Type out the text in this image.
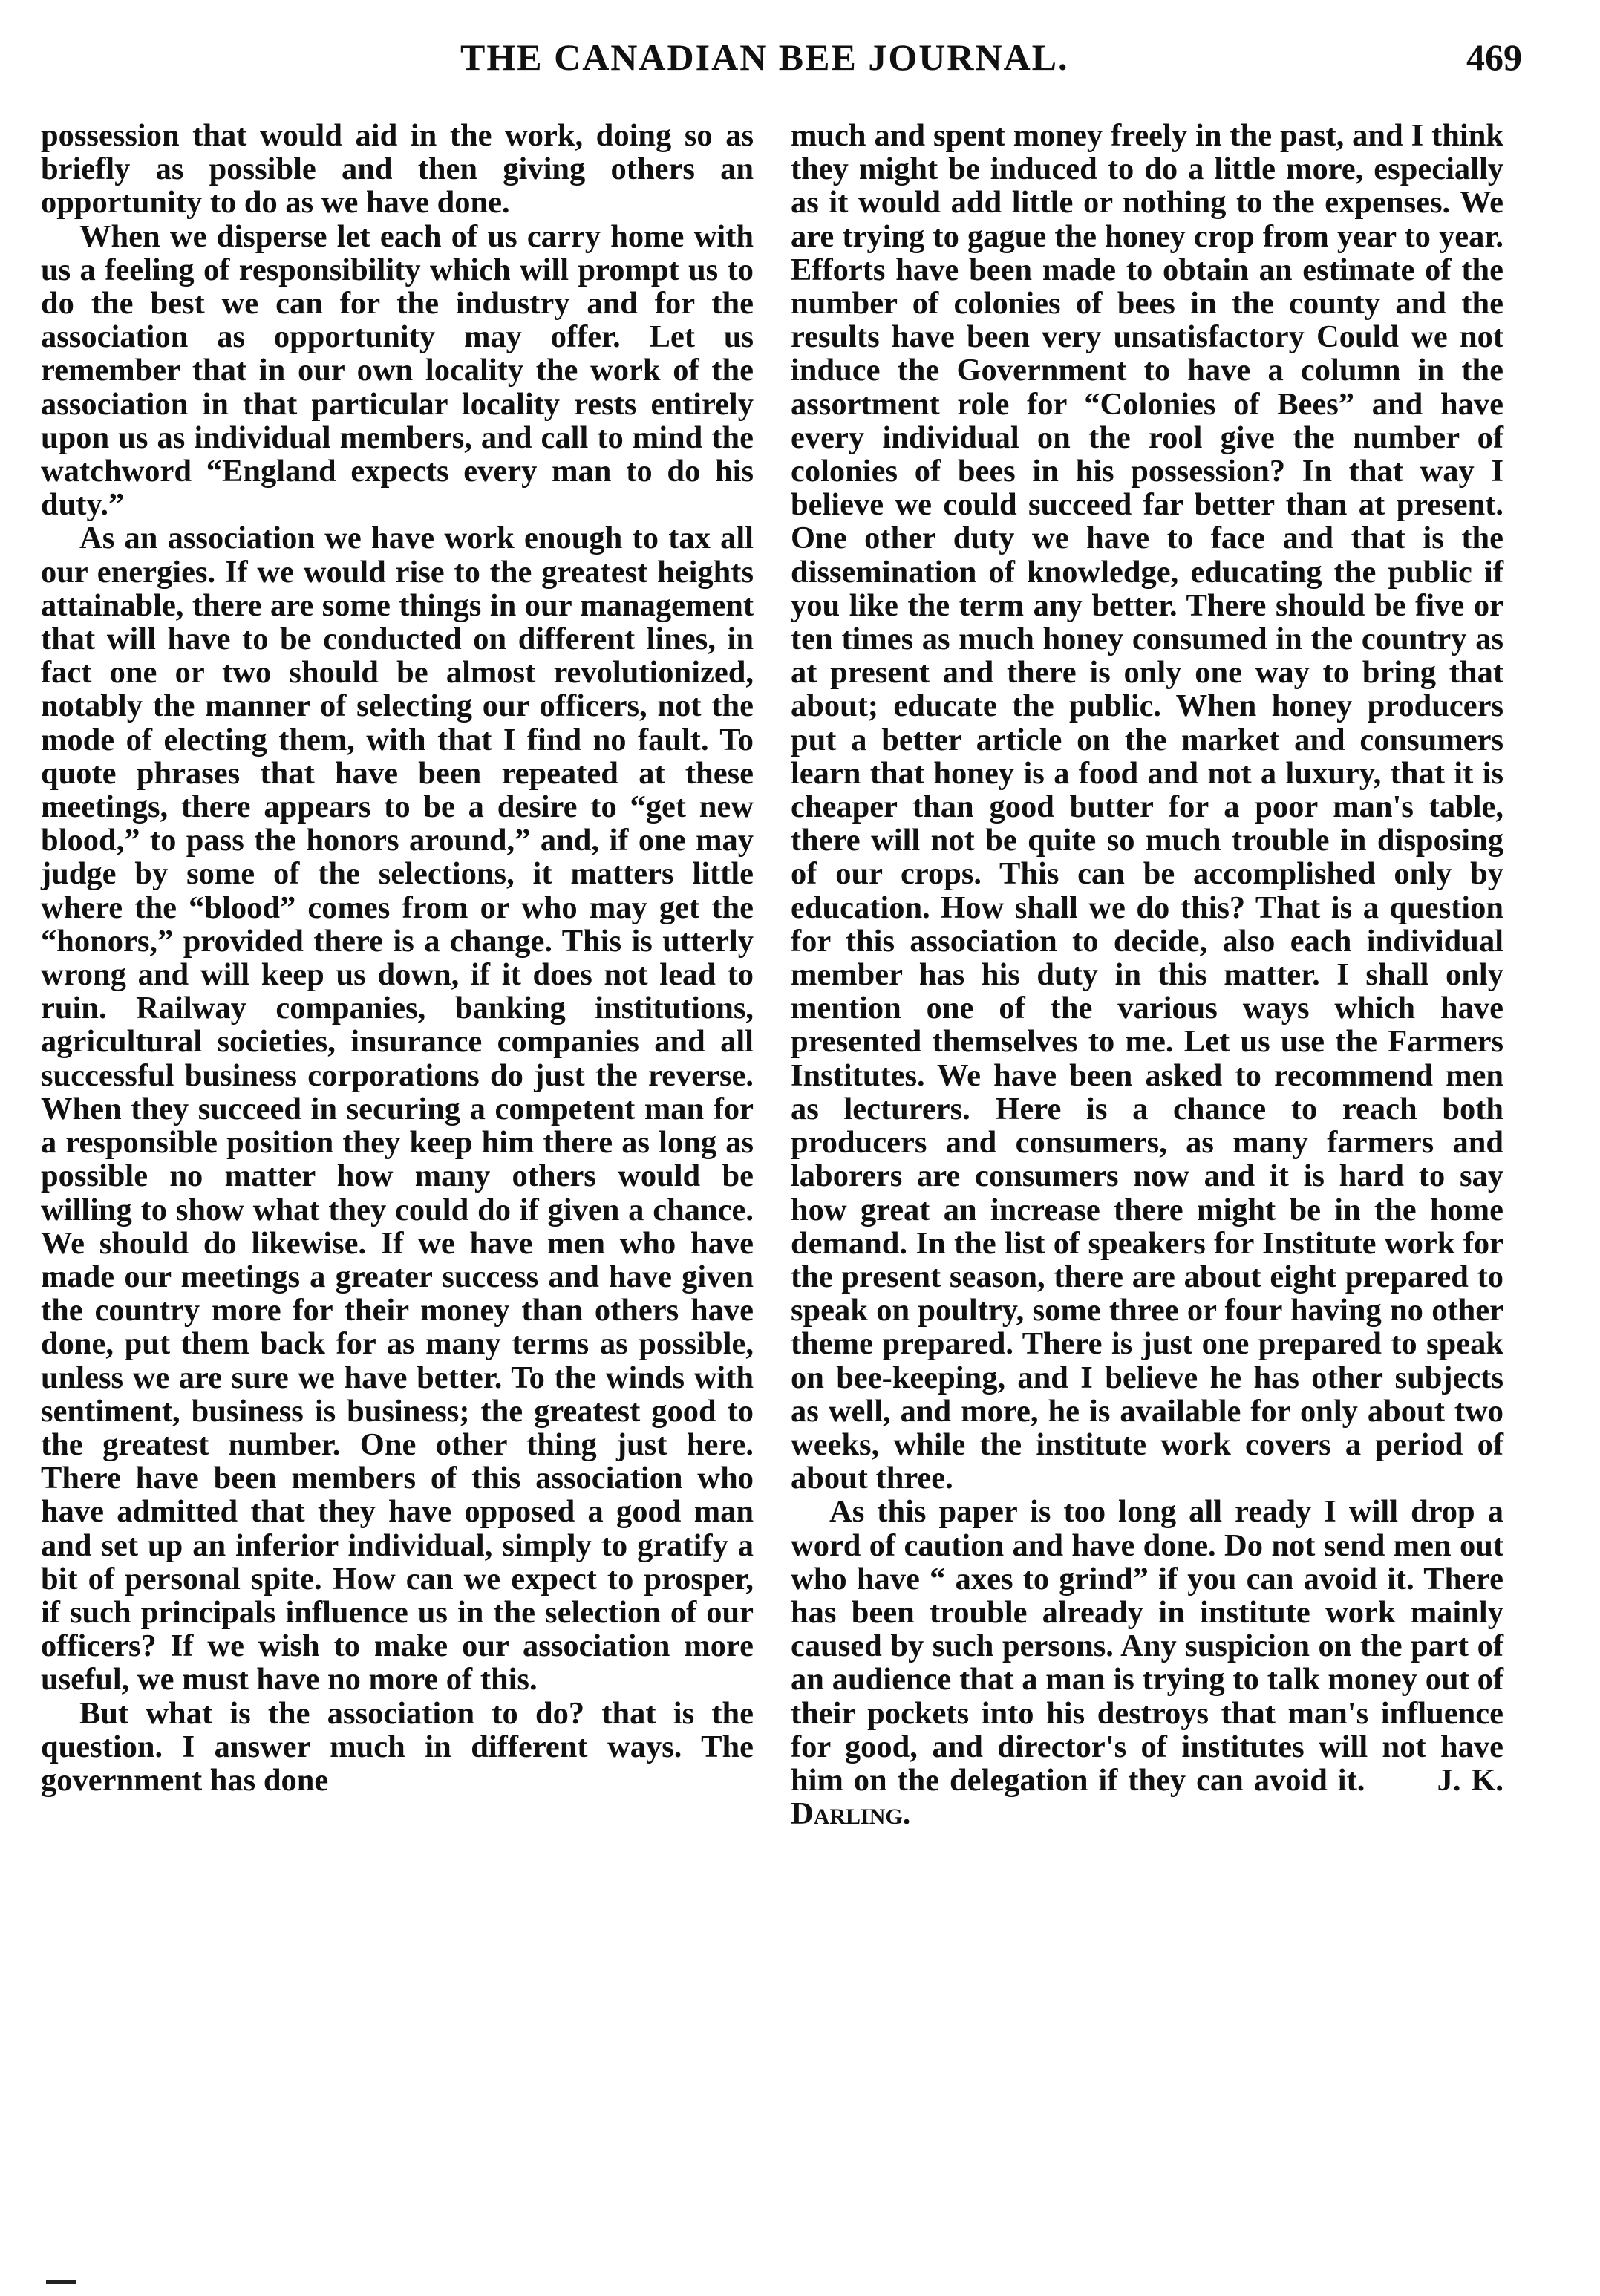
THE CANADIAN BEE JOURNAL.	469

possession that would aid in the work, doing so as briefly as possible and then giving others an opportunity to do as we have done.

When we disperse let each of us carry home with us a feeling of responsibility which will prompt us to do the best we can for the industry and for the association as opportunity may offer. Let us remember that in our own locality the work of the association in that particular locality rests entirely upon us as individual members, and call to mind the watchword “England expects every man to do his duty.”

As an association we have work enough to tax all our energies. If we would rise to the greatest heights attainable, there are some things in our management that will have to be conducted on different lines, in fact one or two should be almost revolutionized, notably the manner of selecting our officers, not the mode of electing them, with that I find no fault. To quote phrases that have been repeated at these meetings, there appears to be a desire to “get new blood,” to pass the honors around,” and, if one may judge by some of the selections, it matters little where the “blood” comes from or who may get the “honors,” provided there is a change. This is utterly wrong and will keep us down, if it does not lead to ruin. Railway companies, banking institutions, agricultural societies, insurance companies and all successful business corporations do just the reverse. When they succeed in securing a competent man for a responsible position they keep him there as long as possible no matter how many others would be willing to show what they could do if given a chance. We should do likewise. If we have men who have made our meetings a greater success and have given the country more for their money than others have done, put them back for as many terms as possible, unless we are sure we have better. To the winds with sentiment, business is business; the greatest good to the greatest number. One other thing just here. There have been members of this association who have admitted that they have opposed a good man and set up an inferior individual, simply to gratify a bit of personal spite. How can we expect to prosper, if such principals influence us in the selection of our officers? If we wish to make our association more useful, we must have no more of this.

But what is the association to do? that is the question. I answer much in different ways. The government has done

much and spent money freely in the past, and I think they might be induced to do a little more, especially as it would add little or nothing to the expenses. We are trying to gague the honey crop from year to year. Efforts have been made to obtain an estimate of the number of colonies of bees in the county and the results have been very unsatisfactory Could we not induce the Government to have a column in the assortment role for “Colonies of Bees” and have every individual on the rool give the number of colonies of bees in his possession? In that way I believe we could succeed far better than at present. One other duty we have to face and that is the dissemination of knowledge, educating the public if you like the term any better. There should be five or ten times as much honey consumed in the country as at present and there is only one way to bring that about; educate the public. When honey producers put a better article on the market and consumers learn that honey is a food and not a luxury, that it is cheaper than good butter for a poor man's table, there will not be quite so much trouble in disposing of our crops. This can be accomplished only by education. How shall we do this? That is a question for this association to decide, also each individual member has his duty in this matter. I shall only mention one of the various ways which have presented themselves to me. Let us use the Farmers Institutes. We have been asked to recommend men as lecturers. Here is a chance to reach both producers and consumers, as many farmers and laborers are consumers now and it is hard to say how great an increase there might be in the home demand. In the list of speakers for Institute work for the present season, there are about eight prepared to speak on poultry, some three or four having no other theme prepared. There is just one prepared to speak on bee-keeping, and I believe he has other subjects as well, and more, he is available for only about two weeks, while the institute work covers a period of about three.

As this paper is too long all ready I will drop a word of caution and have done. Do not send men out who have “ axes to grind” if you can avoid it. There has been trouble already in institute work mainly caused by such persons. Any suspicion on the part of an audience that a man is trying to talk money out of their pockets into his destroys that man's influence for good, and director's of institutes will not have him on the delegation if they can avoid it. J. K. Darling.
